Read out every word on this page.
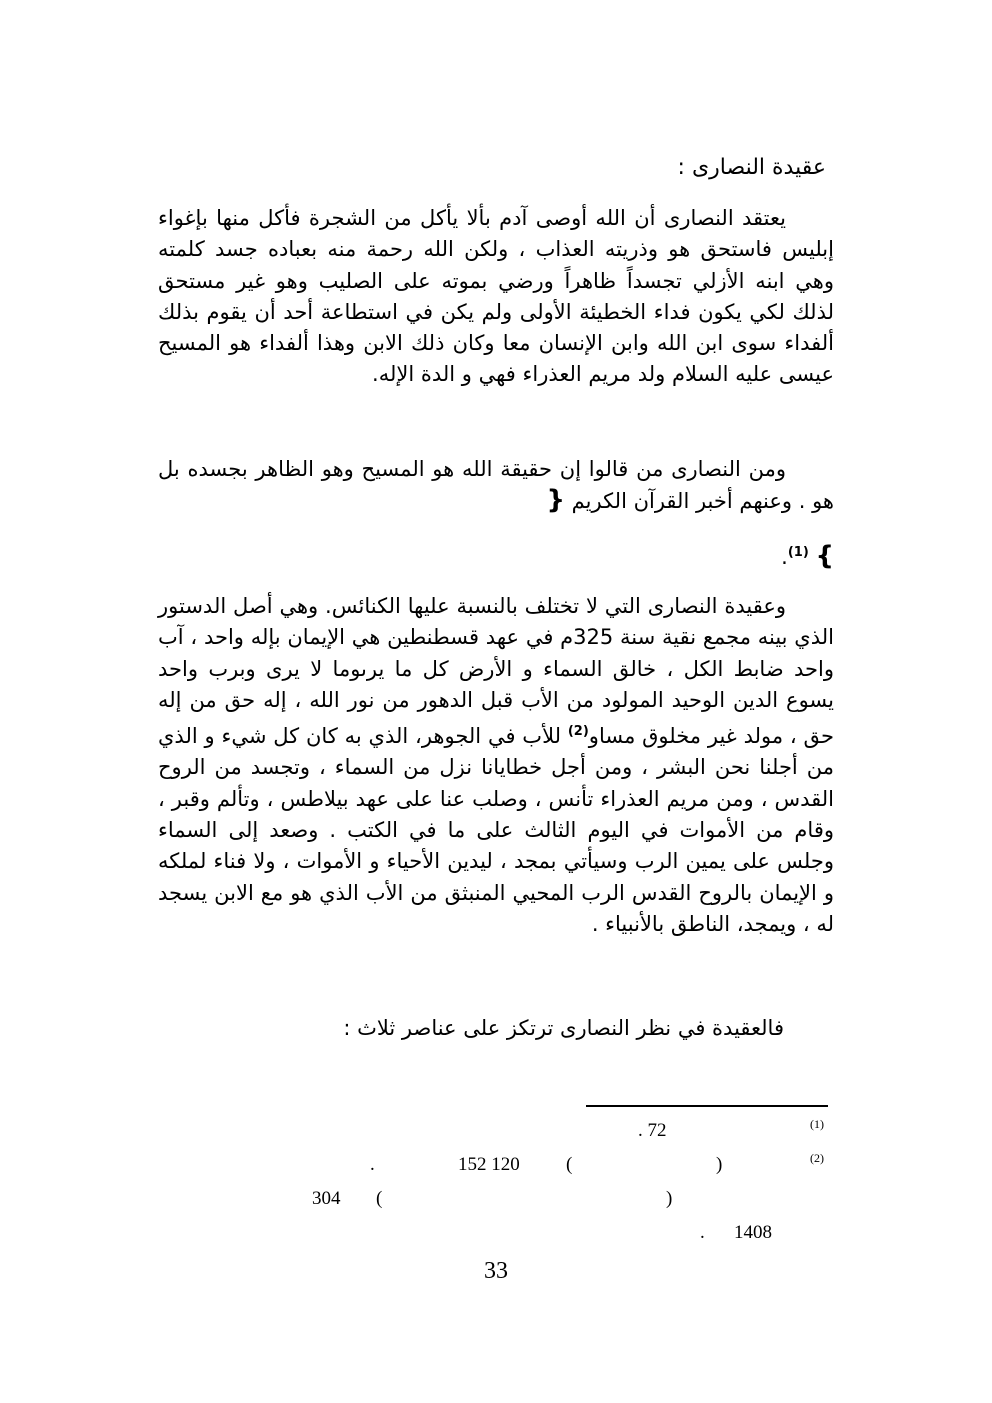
عقيدة النصارى :

يعتقد النصارى أن الله أوصى آدم بألا يأكل من الشجرة فأكل منها بإغواء إبليس فاستحق هو وذريته العذاب ، ولكن الله رحمة منه بعباده جسد كلمته وهي ابنه الأزلي تجسداً ظاهراً ورضي بموته على الصليب وهو غير مستحق لذلك لكي يكون فداء الخطيئة الأولى ولم يكن في استطاعة أحد أن يقوم بذلك ألفداء سوى ابن الله وابن الإنسان معا وكان ذلك الابن وهذا ألفداء هو المسيح عيسى عليه السلام ولد مريم العذراء فهي و الدة الإله.

ومن النصارى من قالوا إن حقيقة الله هو المسيح وهو الظاهر بجسده بل هو . وعنهم أخبر القرآن الكريم {

} $^{(1)}$.

وعقيدة النصارى التي لا تختلف بالنسبة عليها الكنائس. وهي أصل الدستور الذي بينه مجمع نقية سنة 325م في عهد قسطنطين هي الإيمان بإله واحد ، آب واحد ضابط الكل ، خالق السماء و الأرض كل ما يرىوما لا يرى وبرب واحد يسوع الدين الوحيد المولود من الأب قبل الدهور من نور الله ، إله حق من إله حق ، مولد غير مخلوق مساو$^{(2)}$ للأب في الجوهر، الذي به كان كل شيء و الذي من أجلنا نحن البشر ، ومن أجل خطايانا نزل من السماء ، وتجسد من الروح القدس ، ومن مريم العذراء تأنس ، وصلب عنا على عهد بيلاطس ، وتألم وقبر ، وقام من الأموات في اليوم الثالث على ما في الكتب . وصعد إلى السماء وجلس على يمين الرب وسيأتي بمجد ، ليدين الأحياء و الأموات ، ولا فناء لملكه و الإيمان بالروح القدس الرب المحيي المنبثق من الأب الذي هو مع الابن يسجد له ، ويمجد، الناطق بالأنبياء .

فالعقيدة في نظر النصارى ترتكز على عناصر ثلاث :
(1)
. 72
(2)
)
(
152 120
.
)
(
304
1408
.
33
